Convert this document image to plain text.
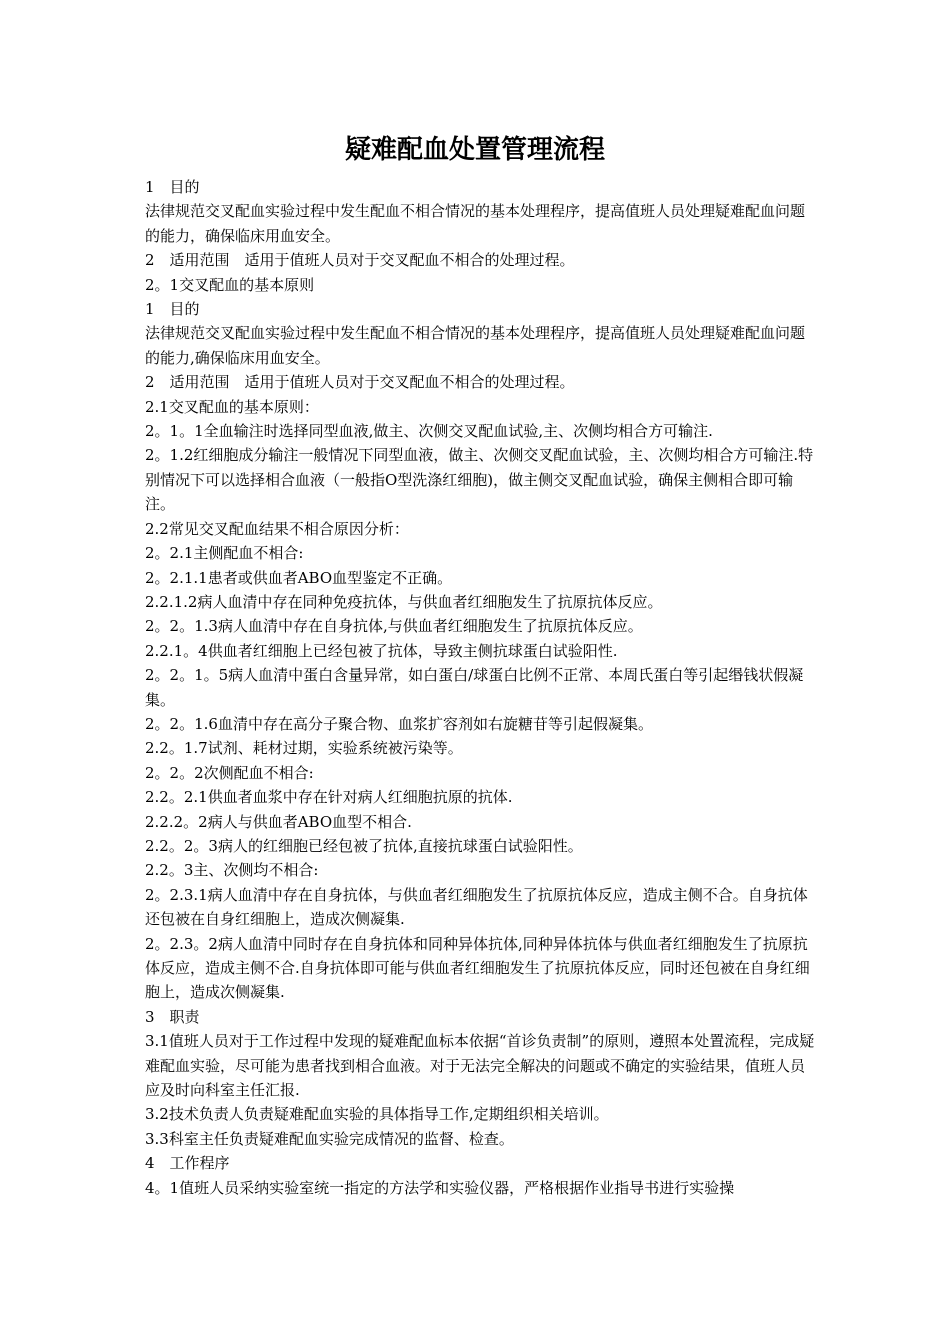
疑难配血处置管理流程

1　目的

法律规范交叉配血实验过程中发生配血不相合情况的基本处理程序，提高值班人员处理疑难配血问题的能力，确保临床用血安全。

2　适用范围　适用于值班人员对于交叉配血不相合的处理过程。

2。1交叉配血的基本原则

1　目的

法律规范交叉配血实验过程中发生配血不相合情况的基本处理程序，提高值班人员处理疑难配血问题的能力,确保临床用血安全。

2　适用范围　适用于值班人员对于交叉配血不相合的处理过程。

2.1交叉配血的基本原则：

2。1。1全血输注时选择同型血液,做主、次侧交叉配血试验,主、次侧均相合方可输注.

2。1.2红细胞成分输注一般情况下同型血液，做主、次侧交叉配血试验，主、次侧均相合方可输注.特别情况下可以选择相合血液（一般指O型洗涤红细胞)，做主侧交叉配血试验，确保主侧相合即可输注。

2.2常见交叉配血结果不相合原因分析：

2。2.1主侧配血不相合:

2。2.1.1患者或供血者ABO血型鉴定不正确。

2.2.1.2病人血清中存在同种免疫抗体，与供血者红细胞发生了抗原抗体反应。

2。2。1.3病人血清中存在自身抗体,与供血者红细胞发生了抗原抗体反应。

2.2.1。4供血者红细胞上已经包被了抗体，导致主侧抗球蛋白试验阳性.

2。2。1。5病人血清中蛋白含量异常，如白蛋白/球蛋白比例不正常、本周氏蛋白等引起缗钱状假凝集。

2。2。1.6血清中存在高分子聚合物、血浆扩容剂如右旋糖苷等引起假凝集。

2.2。1.7试剂、耗材过期，实验系统被污染等。

2。2。2次侧配血不相合:

2.2。2.1供血者血浆中存在针对病人红细胞抗原的抗体.

2.2.2。2病人与供血者ABO血型不相合.

2.2。2。3病人的红细胞已经包被了抗体,直接抗球蛋白试验阳性。

2.2。3主、次侧均不相合:

2。2.3.1病人血清中存在自身抗体，与供血者红细胞发生了抗原抗体反应，造成主侧不合。自身抗体还包被在自身红细胞上，造成次侧凝集.

2。2.3。2病人血清中同时存在自身抗体和同种异体抗体,同种异体抗体与供血者红细胞发生了抗原抗体反应，造成主侧不合.自身抗体即可能与供血者红细胞发生了抗原抗体反应，同时还包被在自身红细胞上，造成次侧凝集.

3　职责

3.1值班人员对于工作过程中发现的疑难配血标本依据“首诊负责制”的原则，遵照本处置流程，完成疑难配血实验，尽可能为患者找到相合血液。对于无法完全解决的问题或不确定的实验结果，值班人员应及时向科室主任汇报.

3.2技术负责人负责疑难配血实验的具体指导工作,定期组织相关培训。

3.3科室主任负责疑难配血实验完成情况的监督、检查。

4　工作程序

4。1值班人员采纳实验室统一指定的方法学和实验仪器，严格根据作业指导书进行实验操
